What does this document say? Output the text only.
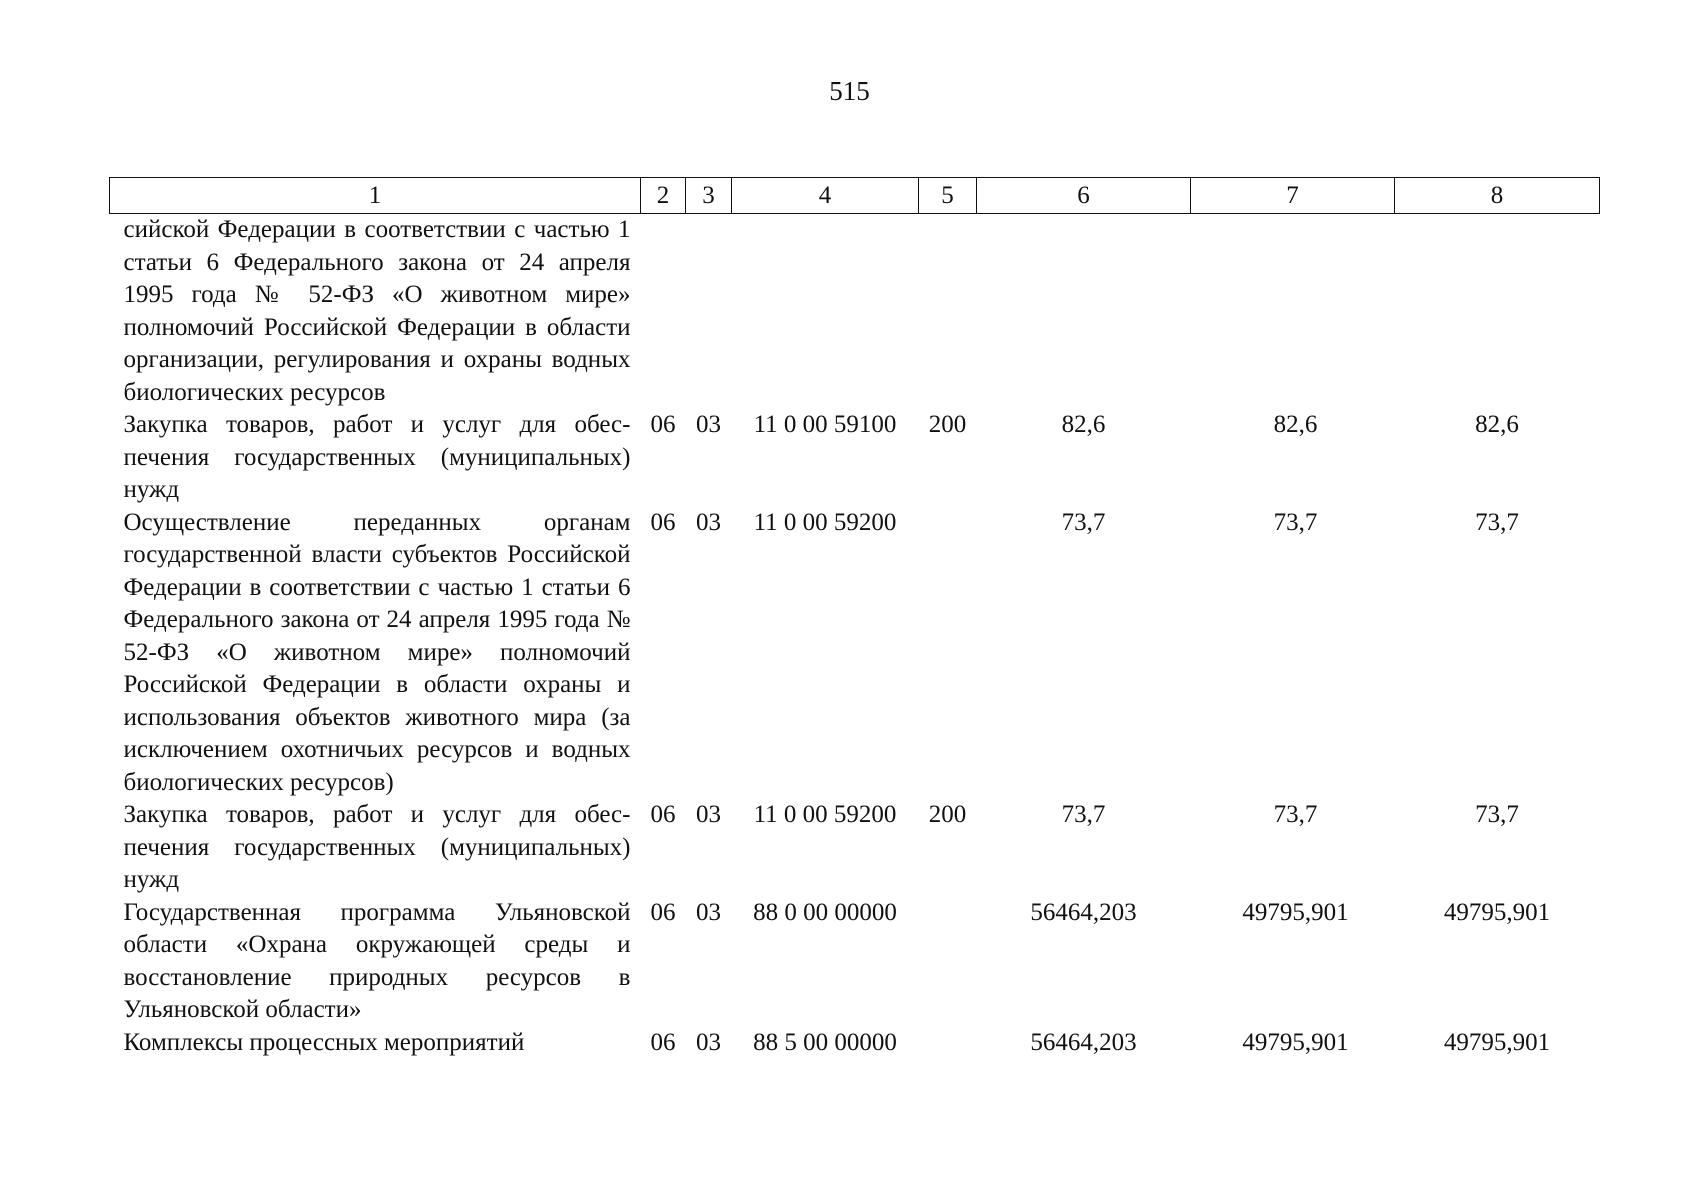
515
1	2	3	4	5	6	7	8
сийской Федерации в соответствии с частью 1 статьи 6 Федерального закона от 24 апреля 1995 года № 52-ФЗ «О животном мире» полномочий Российской Федерации в области организации, регулирования и охраны водных биологических ресурсов							
Закупка товаров, работ и услуг для обеспечения государственных (муниципальных) нужд	06	03	11 0 00 59100	200	82,6	82,6	82,6
Осуществление переданных органам государственной власти субъектов Российской Федерации в соответствии с частью 1 статьи 6 Федерального закона от 24 апреля 1995 года № 52-ФЗ «О животном мире» полномочий Российской Федерации в области охраны и использования объектов животного мира (за исключением охотничьих ресурсов и водных биологических ресурсов)	06	03	11 0 00 59200		73,7	73,7	73,7
Закупка товаров, работ и услуг для обеспечения государственных (муниципальных) нужд	06	03	11 0 00 59200	200	73,7	73,7	73,7
Государственная программа Ульяновской области «Охрана окружающей среды и восстановление природных ресурсов в Ульяновской области»	06	03	88 0 00 00000		56464,203	49795,901	49795,901
Комплексы процессных мероприятий	06	03	88 5 00 00000		56464,203	49795,901	49795,901
